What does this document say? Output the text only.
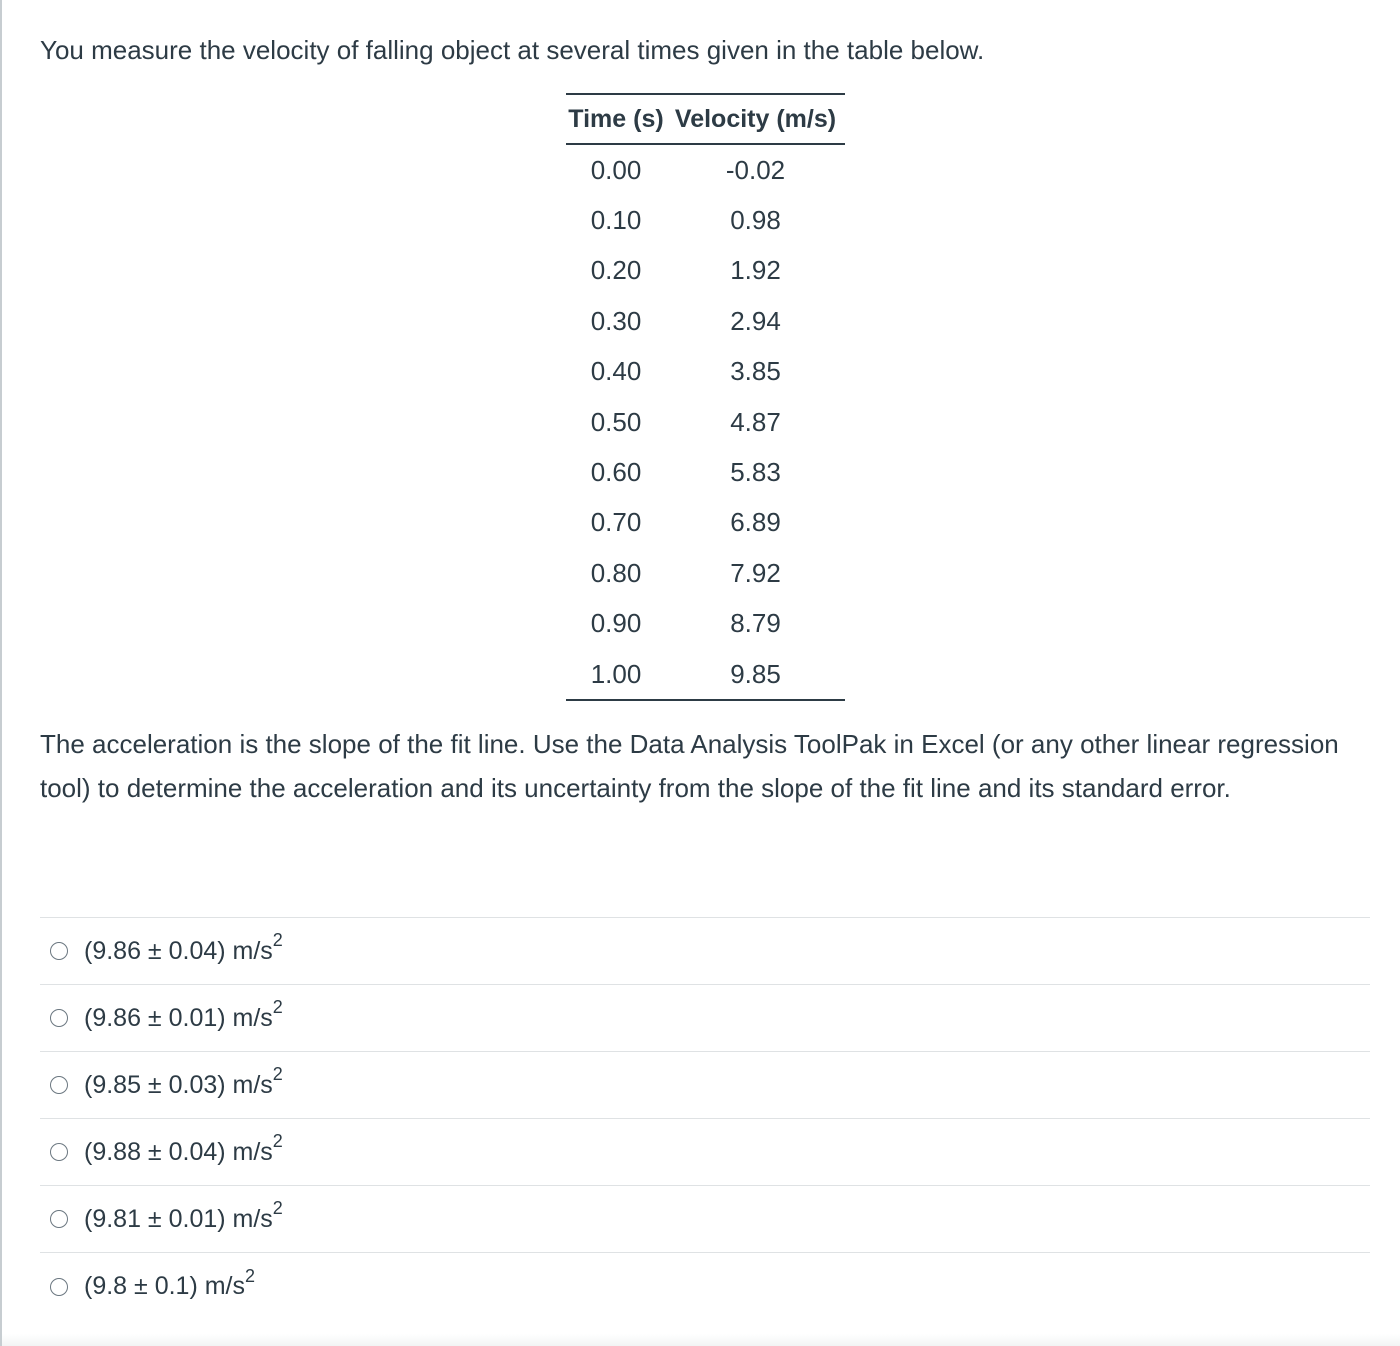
You measure the velocity of falling object at several times given in the table below.

Time (s)	Velocity (m/s)
0.00	-0.02
0.10	0.98
0.20	1.92
0.30	2.94
0.40	3.85
0.50	4.87
0.60	5.83
0.70	6.89
0.80	7.92
0.90	8.79
1.00	9.85

The acceleration is the slope of the fit line. Use the Data Analysis ToolPak in Excel (or any other linear regression tool) to determine the acceleration and its uncertainty from the slope of the fit line and its standard error.

(9.86 ± 0.04) $m/s^2$
(9.86 ± 0.01) $m/s^2$
(9.85 ± 0.03) $m/s^2$
(9.88 ± 0.04) $m/s^2$
(9.81 ± 0.01) $m/s^2$
(9.8 ± 0.1) $m/s^2$
